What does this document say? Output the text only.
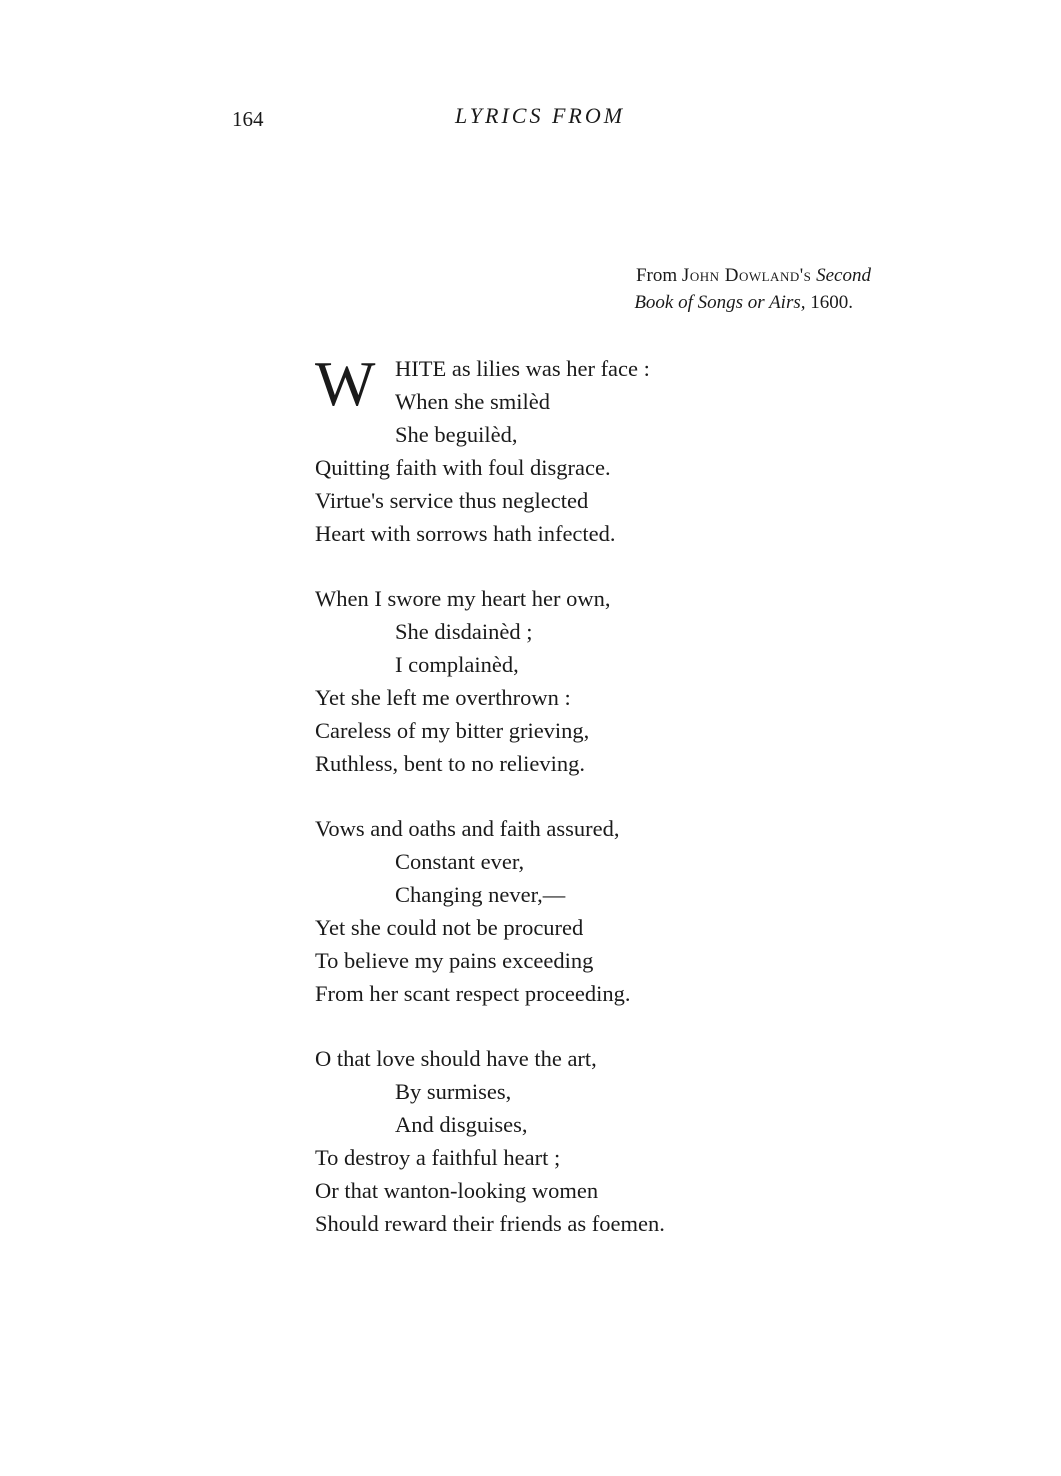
164	LYRICS FROM
From John Dowland's Second
Book of Songs or Airs, 1600.
W HITE as lilies was her face :
When she smilèd
She beguilèd,
Quitting faith with foul disgrace.
Virtue's service thus neglected
Heart with sorrows hath infected.
When I swore my heart her own,
She disdainèd ;
I complainèd,
Yet she left me overthrown :
Careless of my bitter grieving,
Ruthless, bent to no relieving.
Vows and oaths and faith assured,
Constant ever,
Changing never,—
Yet she could not be procured
To believe my pains exceeding
From her scant respect proceeding.
O that love should have the art,
By surmises,
And disguises,
To destroy a faithful heart ;
Or that wanton-looking women
Should reward their friends as foemen.
